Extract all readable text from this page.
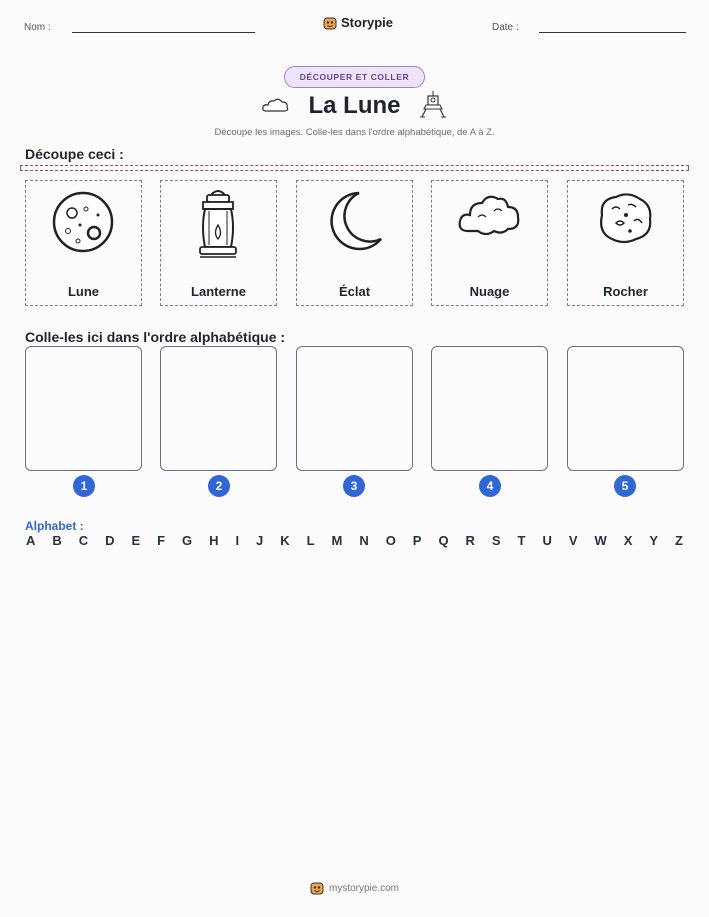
Nom :	Storypie	Date :
DÉCOUPER ET COLLER
La Lune
Découpe les images. Colle-les dans l'ordre alphabétique, de A à Z.
Découpe ceci :
Lune	Lanterne	Éclat	Nuage	Rocher
Colle-les ici dans l'ordre alphabétique :
1	2	3	4	5
Alphabet :
A B C D E F G H I J K L M N O P Q R S T U V W X Y Z
mystorypie.com
